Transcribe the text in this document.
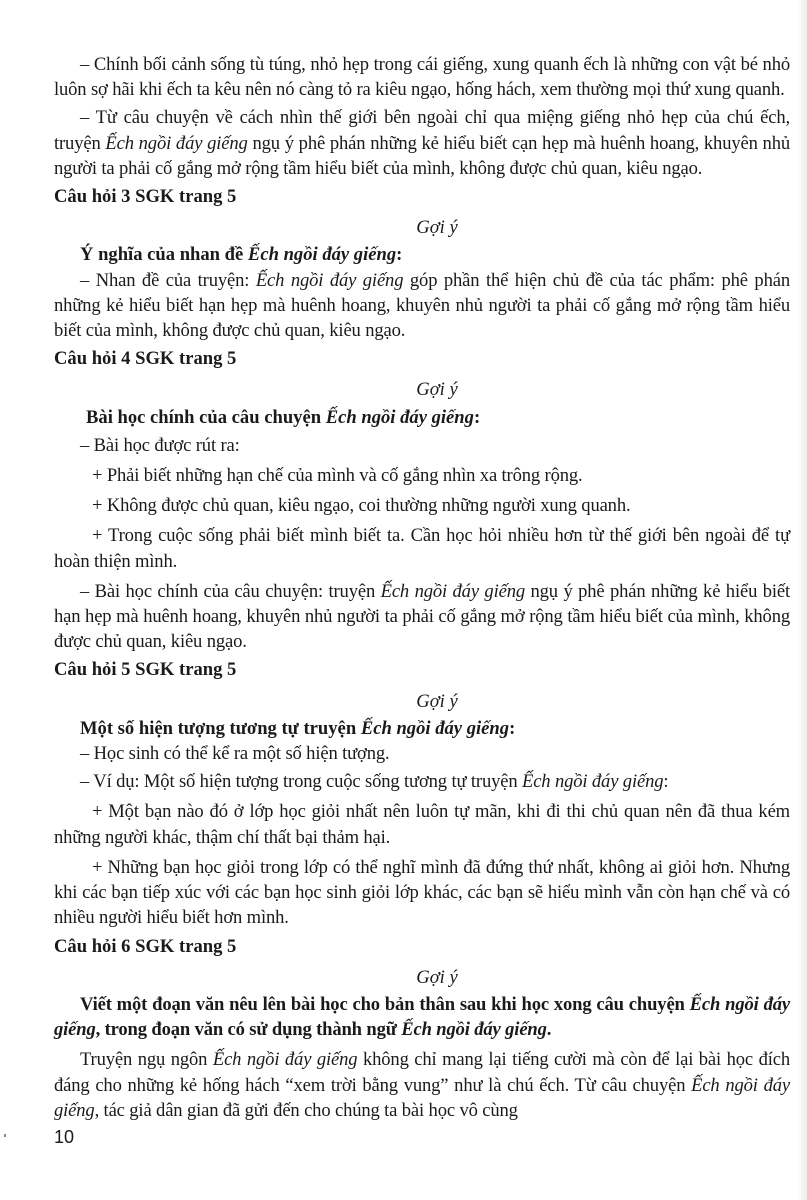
– Chính bối cảnh sống tù túng, nhỏ hẹp trong cái giếng, xung quanh ếch là những con vật bé nhỏ luôn sợ hãi khi ếch ta kêu nên nó càng tỏ ra kiêu ngạo, hống hách, xem thường mọi thứ xung quanh.

– Từ câu chuyện về cách nhìn thế giới bên ngoài chỉ qua miệng giếng nhỏ hẹp của chú ếch, truyện Ếch ngồi đáy giếng ngụ ý phê phán những kẻ hiểu biết cạn hẹp mà huênh hoang, khuyên nhủ người ta phải cố gắng mở rộng tầm hiểu biết của mình, không được chủ quan, kiêu ngạo.

Câu hỏi 3 SGK trang 5

Gợi ý

Ý nghĩa của nhan đề Ếch ngồi đáy giếng:

– Nhan đề của truyện: Ếch ngồi đáy giếng góp phần thể hiện chủ đề của tác phẩm: phê phán những kẻ hiểu biết hạn hẹp mà huênh hoang, khuyên nhủ người ta phải cố gắng mở rộng tầm hiểu biết của mình, không được chủ quan, kiêu ngạo.

Câu hỏi 4 SGK trang 5

Gợi ý

Bài học chính của câu chuyện Ếch ngồi đáy giếng:

– Bài học được rút ra:

+ Phải biết những hạn chế của mình và cố gắng nhìn xa trông rộng.

+ Không được chủ quan, kiêu ngạo, coi thường những người xung quanh.

+ Trong cuộc sống phải biết mình biết ta. Cần học hỏi nhiều hơn từ thế giới bên ngoài để tự hoàn thiện mình.

– Bài học chính của câu chuyện: truyện Ếch ngồi đáy giếng ngụ ý phê phán những kẻ hiểu biết hạn hẹp mà huênh hoang, khuyên nhủ người ta phải cố gắng mở rộng tầm hiểu biết của mình, không được chủ quan, kiêu ngạo.

Câu hỏi 5 SGK trang 5

Gợi ý

Một số hiện tượng tương tự truyện Ếch ngồi đáy giếng:

– Học sinh có thể kể ra một số hiện tượng.

– Ví dụ: Một số hiện tượng trong cuộc sống tương tự truyện Ếch ngồi đáy giếng:

+ Một bạn nào đó ở lớp học giỏi nhất nên luôn tự mãn, khi đi thi chủ quan nên đã thua kém những người khác, thậm chí thất bại thảm hại.

+ Những bạn học giỏi trong lớp có thể nghĩ mình đã đứng thứ nhất, không ai giỏi hơn. Nhưng khi các bạn tiếp xúc với các bạn học sinh giỏi lớp khác, các bạn sẽ hiểu mình vẫn còn hạn chế và có nhiều người hiểu biết hơn mình.

Câu hỏi 6 SGK trang 5

Gợi ý

Viết một đoạn văn nêu lên bài học cho bản thân sau khi học xong câu chuyện Ếch ngồi đáy giếng, trong đoạn văn có sử dụng thành ngữ Ếch ngồi đáy giếng.

Truyện ngụ ngôn Ếch ngồi đáy giếng không chỉ mang lại tiếng cười mà còn để lại bài học đích đáng cho những kẻ hống hách “xem trời bằng vung” như là chú ếch. Từ câu chuyện Ếch ngồi đáy giếng, tác giả dân gian đã gửi đến cho chúng ta bài học vô cùng

10
